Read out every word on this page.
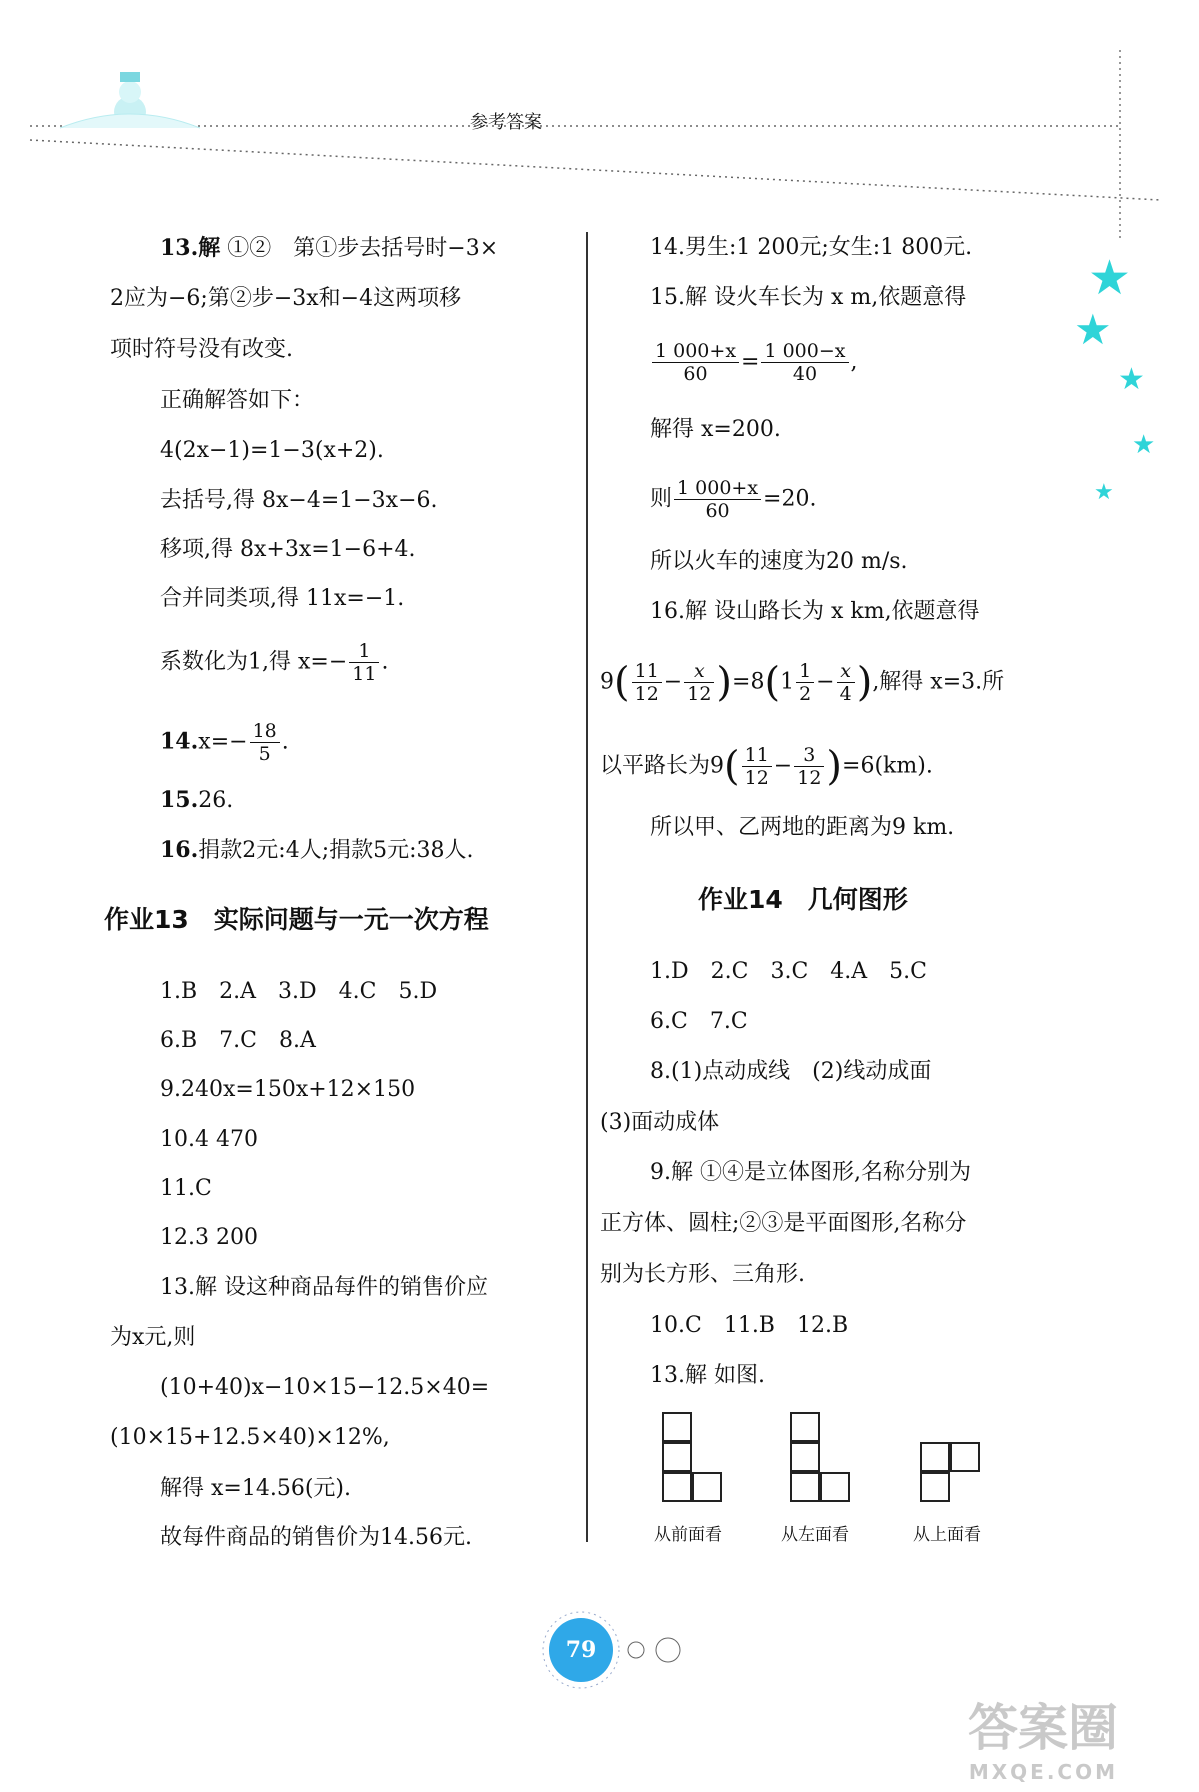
参考答案
★
★
★
★
★
13.解 ①②　第①步去括号时−3×
2应为−6;第②步−3x和−4这两项移
项时符号没有改变.
正确解答如下：
4(2x−1)=1−3(x+2).
去括号,得 8x−4=1−3x−6.
移项,得 8x+3x=1−6+4.
合并同类项,得 11x=−1.
系数化为1,得 $x=- \frac{1}{11}$ .
$14.x=- \frac{18}{5}$ .
15.26.
16.捐款2元:4人;捐款5元:38人.
作业13　实际问题与一元一次方程
1.B　2.A　3.D　4.C　5.D
6.B　7.C　8.A
9.240x=150x+12×150
10.4 470
11.C
12.3 200
13.解 设这种商品每件的销售价应
为x元,则
(10+40)x−10×15−12.5×40=
(10×15+12.5×40)×12%,
解得 x=14.56(元).
故每件商品的销售价为14.56元.
14.男生:1 200元;女生:1 800元.
15.解 设火车长为 x m,依题意得
$\frac{1 000+x}{60} = \frac{1 000-x}{40}$ ,
解得 x=200.
则 $\frac{1 000+x}{60} =20$.
所以火车的速度为20 m/s.
16.解 设山路长为 x km,依题意得
$9( \frac{11}{12} - \frac{x}{12} )=8(1 \frac{1}{2} - \frac{x}{4}$ ),解得 x=3.所
以平路长为$9( \frac{11}{12} - \frac{3}{12} )=6(km)$.
所以甲、乙两地的距离为9 km.
作业14　几何图形
1.D　2.C　3.C　4.A　5.C
6.C　7.C
8.(1)点动成线　(2)线动成面
(3)面动成体
9.解 ①④是立体图形,名称分别为
正方体、圆柱;②③是平面图形,名称分
别为长方形、三角形.
10.C　11.B　12.B
13.解 如图.
从前面看	从左面看	从上面看
79
答案圈
MXQE.COM
